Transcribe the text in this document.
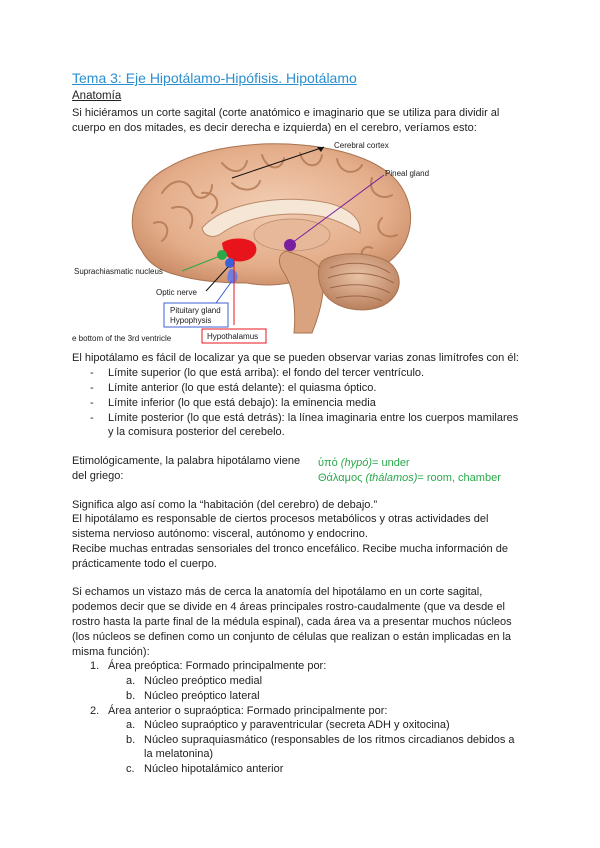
Tema 3: Eje Hipotálamo-Hipófisis. Hipotálamo
Anatomía
Si hiciéramos un corte sagital (corte anatómico e imaginario que se utiliza para dividir al
cuerpo en dos mitades, es decir derecha e izquierda) en el cerebro, veríamos esto:
Cerebral cortex
Pineal gland
Suprachiasmatic nucleus
Optic nerve
Pituitary gland
Hypophysis
e bottom of the 3rd ventricle	Hypothalamus
El hipotálamo es fácil de localizar ya que se pueden observar varias zonas limítrofes con él:
- Límite superior (lo que está arriba): el fondo del tercer ventrículo.
- Límite anterior (lo que está delante): el quiasma óptico.
- Límite inferior (lo que está debajo): la eminencia media
- Límite posterior (lo que está detrás): la línea imaginaria entre los cuerpos mamilares
y la comisura posterior del cerebelo.
Etimológicamente, la palabra hipotálamo viene
del griego:
ὑπό (hypó)= under
Θάλαμος (thálamos)= room, chamber
Significa algo así como la “habitación (del cerebro) de debajo.”
El hipotálamo es responsable de ciertos procesos metabólicos y otras actividades del
sistema nervioso autónomo: visceral, autónomo y endocrino.
Recibe muchas entradas sensoriales del tronco encefálico. Recibe mucha información de
prácticamente todo el cuerpo.
Si echamos un vistazo más de cerca la anatomía del hipotálamo en un corte sagital,
podemos decir que se divide en 4 áreas principales rostro-caudalmente (que va desde el
rostro hasta la parte final de la médula espinal), cada área va a presentar muchos núcleos
(los núcleos se definen como un conjunto de células que realizan o están implicadas en la
misma función):
1. Área preóptica: Formado principalmente por:
a. Núcleo preóptico medial
b. Núcleo preóptico lateral
2. Área anterior o supraóptica: Formado principalmente por:
a. Núcleo supraóptico y paraventricular (secreta ADH y oxitocina)
b. Núcleo supraquiasmático (responsables de los ritmos circadianos debidos a
la melatonina)
c. Núcleo hipotalámico anterior
